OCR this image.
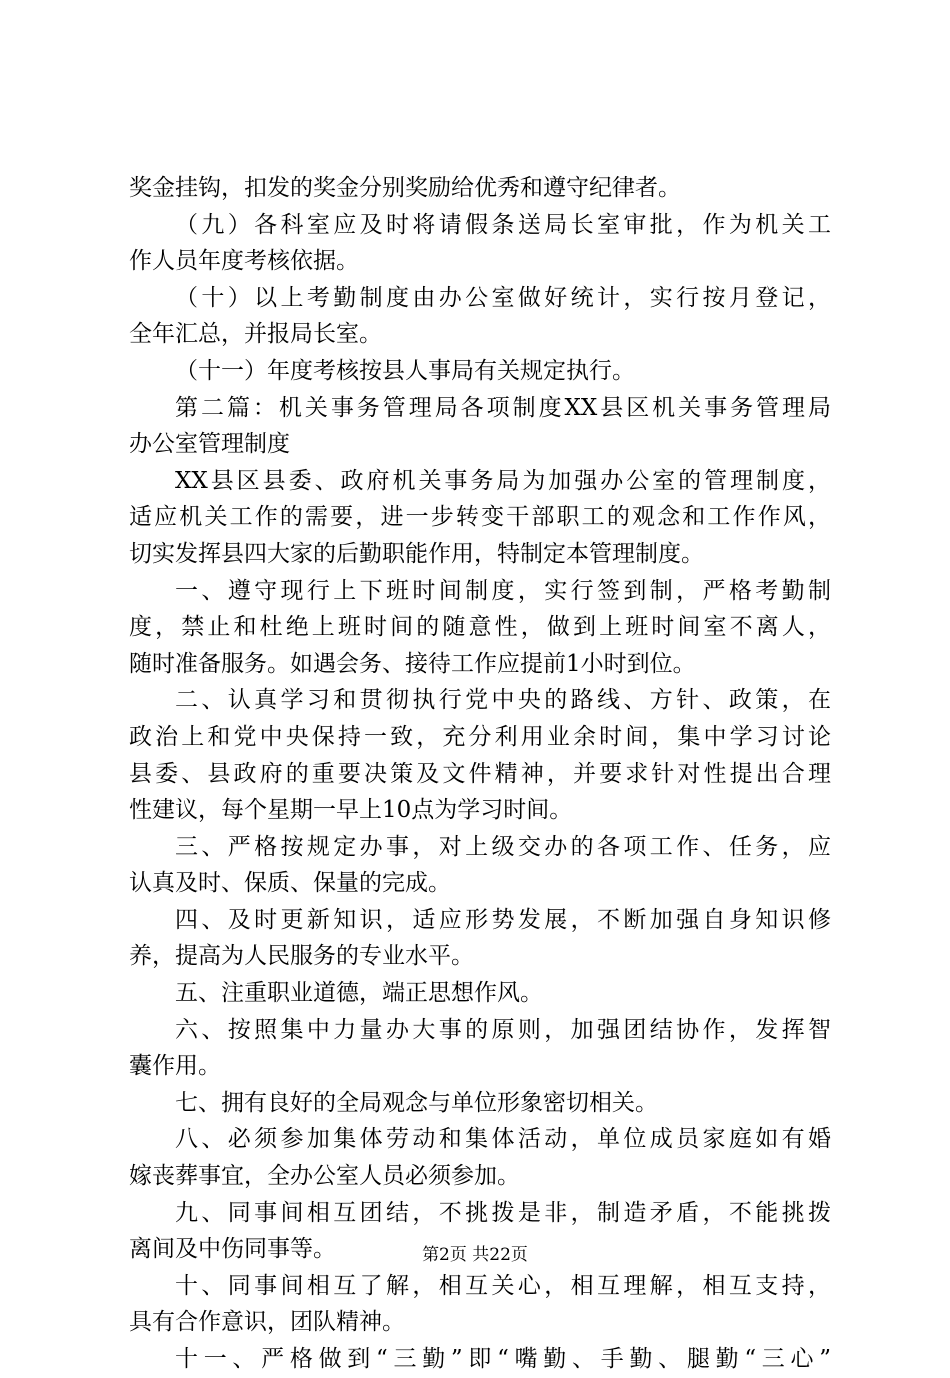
奖金挂钩，扣发的奖金分别奖励给优秀和遵守纪律者。
（九）各科室应及时将请假条送局长室审批，作为机关工
作人员年度考核依据。
（十）以上考勤制度由办公室做好统计，实行按月登记，
全年汇总，并报局长室。
（十一）年度考核按县人事局有关规定执行。
第二篇：机关事务管理局各项制度XX县区机关事务管理局
办公室管理制度
XX县区县委、政府机关事务局为加强办公室的管理制度，
适应机关工作的需要，进一步转变干部职工的观念和工作作风，
切实发挥县四大家的后勤职能作用，特制定本管理制度。
一、遵守现行上下班时间制度，实行签到制，严格考勤制
度，禁止和杜绝上班时间的随意性，做到上班时间室不离人，
随时准备服务。如遇会务、接待工作应提前1小时到位。
二、认真学习和贯彻执行党中央的路线、方针、政策，在
政治上和党中央保持一致，充分利用业余时间，集中学习讨论
县委、县政府的重要决策及文件精神，并要求针对性提出合理
性建议，每个星期一早上10点为学习时间。
三、严格按规定办事，对上级交办的各项工作、任务，应
认真及时、保质、保量的完成。
四、及时更新知识，适应形势发展，不断加强自身知识修
养，提高为人民服务的专业水平。
五、注重职业道德，端正思想作风。
六、按照集中力量办大事的原则，加强团结协作，发挥智
囊作用。
七、拥有良好的全局观念与单位形象密切相关。
八、必须参加集体劳动和集体活动，单位成员家庭如有婚
嫁丧葬事宜，全办公室人员必须参加。
九、同事间相互团结，不挑拨是非，制造矛盾，不能挑拨
离间及中伤同事等。
十、同事间相互了解，相互关心，相互理解，相互支持，
具有合作意识，团队精神。
十一、严格做到“三勤”即“嘴勤、手勤、腿勤“三心”
第2页 共22页
